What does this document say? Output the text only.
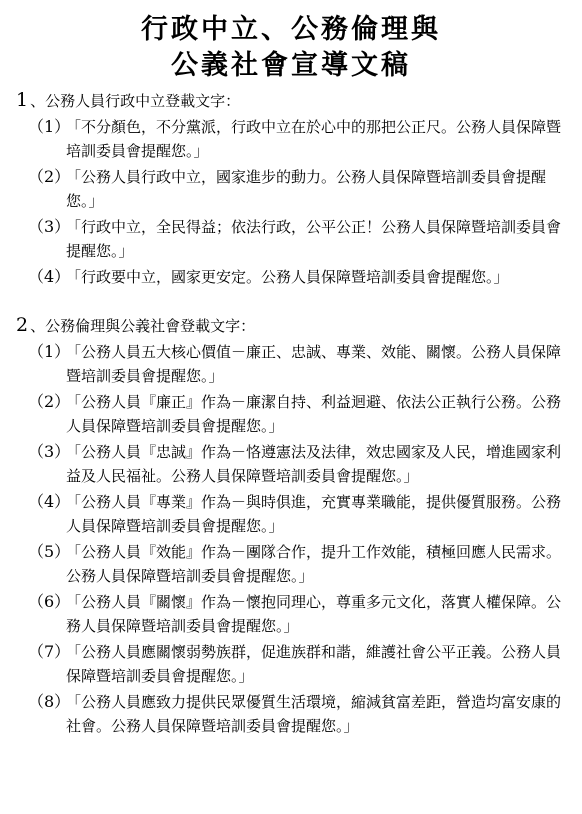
行政中立、公務倫理與
公義社會宣導文稿
1 、公務人員行政中立登載文字：
（1）
「不分顏色，不分黨派，行政中立在於心中的那把公正尺。公務人員保障暨培訓委員會提醒您。」
（2）
「公務人員行政中立，國家進步的動力。公務人員保障暨培訓委員會提醒您。」
（3）
「行政中立，全民得益；依法行政，公平公正！公務人員保障暨培訓委員會提醒您。」
（4）
「行政要中立，國家更安定。公務人員保障暨培訓委員會提醒您。」
2 、公務倫理與公義社會登載文字：
（1）
「公務人員五大核心價值－廉正、忠誠、專業、效能、關懷。公務人員保障暨培訓委員會提醒您。」
（2）
「公務人員『廉正』作為－廉潔自持、利益迴避、依法公正執行公務。公務人員保障暨培訓委員會提醒您。」
（3）
「公務人員『忠誠』作為－恪遵憲法及法律，效忠國家及人民，增進國家利益及人民福祉。公務人員保障暨培訓委員會提醒您。」
（4）
「公務人員『專業』作為－與時俱進，充實專業職能，提供優質服務。公務人員保障暨培訓委員會提醒您。」
（5）
「公務人員『效能』作為－團隊合作，提升工作效能，積極回應人民需求。公務人員保障暨培訓委員會提醒您。」
（6）
「公務人員『關懷』作為－懷抱同理心，尊重多元文化，落實人權保障。公務人員保障暨培訓委員會提醒您。」
（7）
「公務人員應關懷弱勢族群，促進族群和諧，維護社會公平正義。公務人員保障暨培訓委員會提醒您。」
（8）
「公務人員應致力提供民眾優質生活環境，縮減貧富差距，營造均富安康的社會。公務人員保障暨培訓委員會提醒您。」
